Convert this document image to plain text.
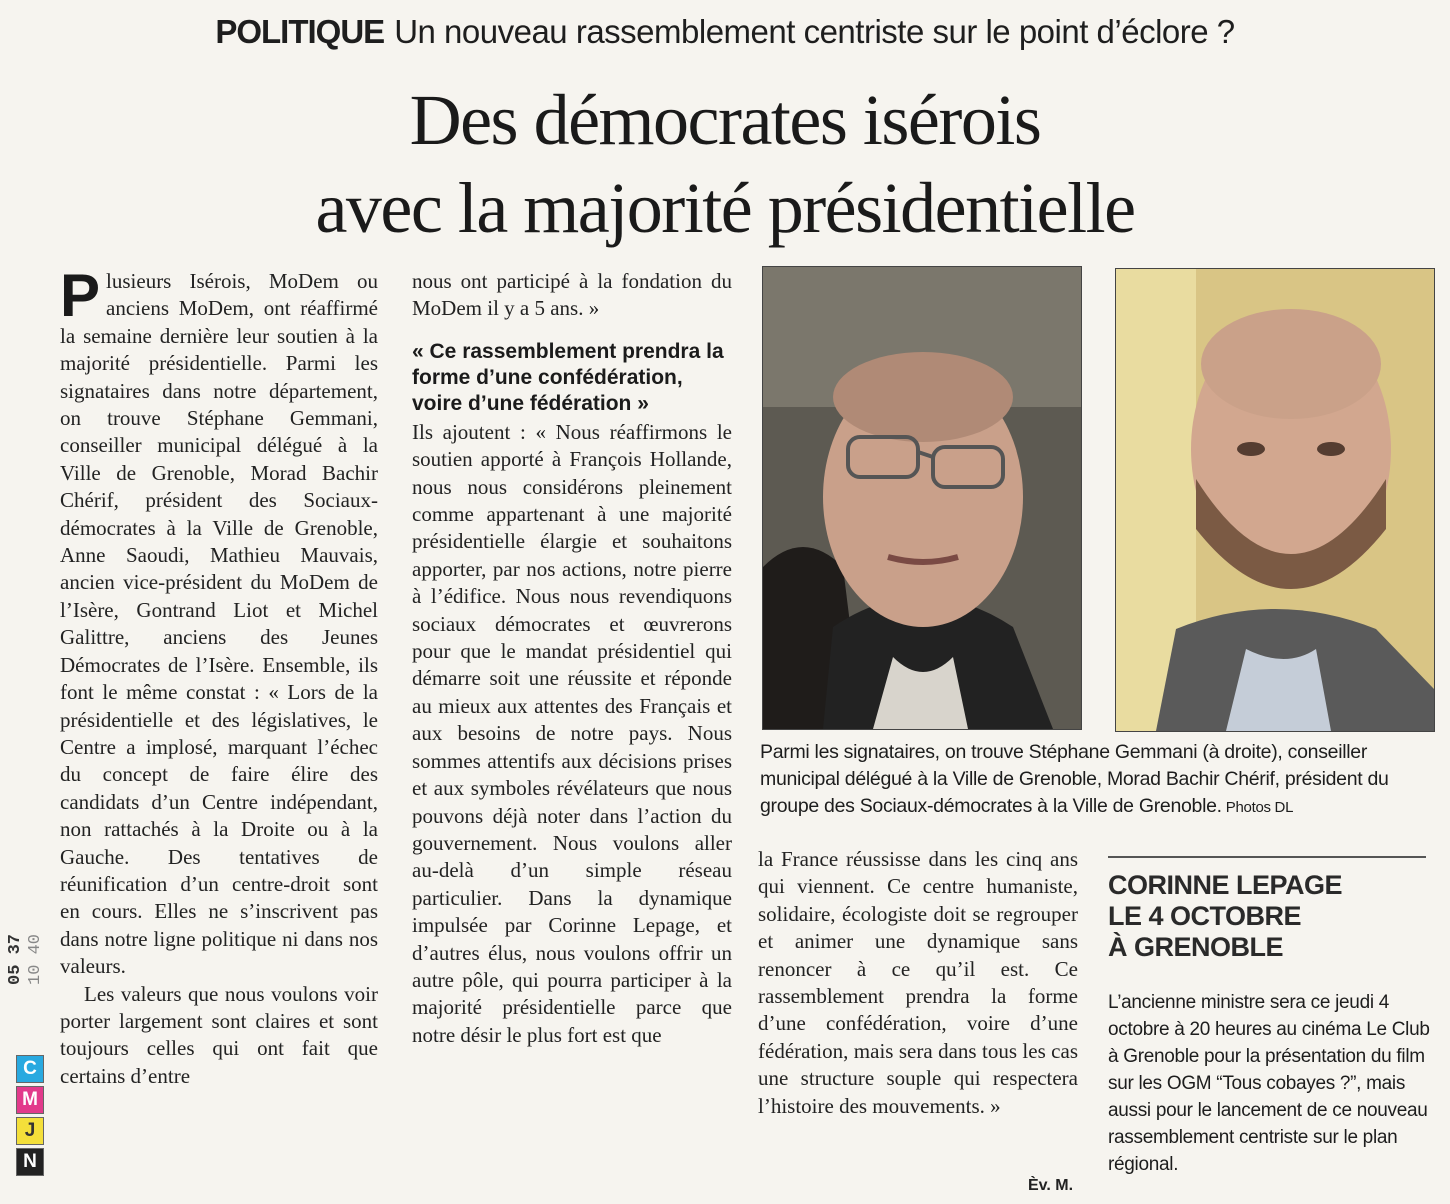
POLITIQUE Un nouveau rassemblement centriste sur le point d’éclore ?
Des démocrates isérois
avec la majorité présidentielle
P lusieurs Isérois, MoDem ou anciens MoDem, ont réaffirmé la semaine dernière leur soutien à la majorité présidentielle. Parmi les signataires dans notre département, on trouve Stéphane Gemmani, conseiller municipal délégué à la Ville de Grenoble, Morad Bachir Chérif, président des Sociaux-démocrates à la Ville de Grenoble, Anne Saoudi, Mathieu Mauvais, ancien vice-président du MoDem de l’Isère, Gontrand Liot et Michel Galittre, anciens des Jeunes Démocrates de l’Isère. Ensemble, ils font le même constat : « Lors de la présidentielle et des législatives, le Centre a implosé, marquant l’échec du concept de faire élire des candidats d’un Centre indépendant, non rattachés à la Droite ou à la Gauche. Des tentatives de réunification d’un centre-droit sont en cours. Elles ne s’inscrivent pas dans notre ligne politique ni dans nos valeurs.

Les valeurs que nous voulons voir porter largement sont claires et sont toujours celles qui ont fait que certains d’entre

nous ont participé à la fondation du MoDem il y a 5 ans. »

« Ce rassemblement prendra la forme d’une confédération, voire d’une fédération »

Ils ajoutent : « Nous réaffirmons le soutien apporté à François Hollande, nous nous considérons pleinement comme appartenant à une majorité présidentielle élargie et souhaitons apporter, par nos actions, notre pierre à l’édifice. Nous nous revendiquons sociaux démocrates et œuvrerons pour que le mandat présidentiel qui démarre soit une réussite et réponde au mieux aux attentes des Français et aux besoins de notre pays. Nous sommes attentifs aux décisions prises et aux symboles révélateurs que nous pouvons déjà noter dans l’action du gouvernement. Nous voulons aller au-delà d’un simple réseau particulier. Dans la dynamique impulsée par Corinne Lepage, et d’autres élus, nous voulons offrir un autre pôle, qui pourra participer à la majorité présidentielle parce que notre désir le plus fort est que

Parmi les signataires, on trouve Stéphane Gemmani (à droite), conseiller municipal délégué à la Ville de Grenoble, Morad Bachir Chérif, président du groupe des Sociaux-démocrates à la Ville de Grenoble. Photos DL

la France réussisse dans les cinq ans qui viennent. Ce centre humaniste, solidaire, écologiste doit se regrouper et animer une dynamique sans renoncer à ce qu’il est. Ce rassemblement prendra la forme d’une confédération, voire d’une fédération, mais sera dans tous les cas une structure souple qui respectera l’histoire des mouvements. »

CORINNE LEPAGE
LE 4 OCTOBRE
À GRENOBLE
L’ancienne ministre sera ce jeudi 4 octobre à 20 heures au cinéma Le Club à Grenoble pour la présentation du film sur les OGM “Tous cobayes ?”, mais aussi pour le lancement de ce nouveau rassemblement centriste sur le plan régional.
Èv. M.
05 37 10 40
C
M
J
N
